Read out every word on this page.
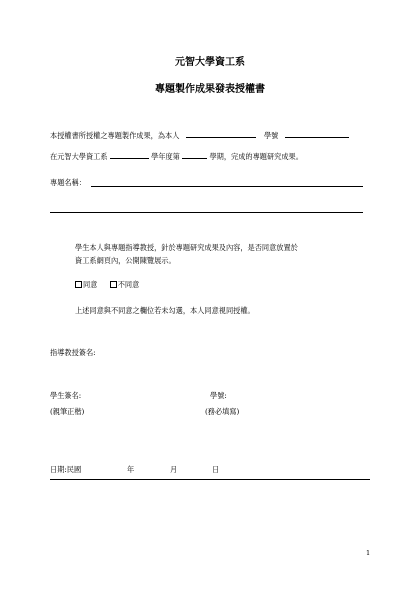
元智大學資工系
專題製作成果發表授權書
本授權書所授權之專題製作成果，為本人	學號
在元智大學資工系	學年度第	學期，完成的專題研究成果。
專題名稱：
學生本人與專題指導教授，針於專題研究成果及內容，是否同意放置於
資工系網頁內，公開陳覽展示。
同意	不同意
上述同意與不同意之欄位若未勾選，本人同意視同授權。
指導教授簽名:
學生簽名:	學號:
(親筆正楷)	(務必填寫)
日期:民國	年	月	日
1
